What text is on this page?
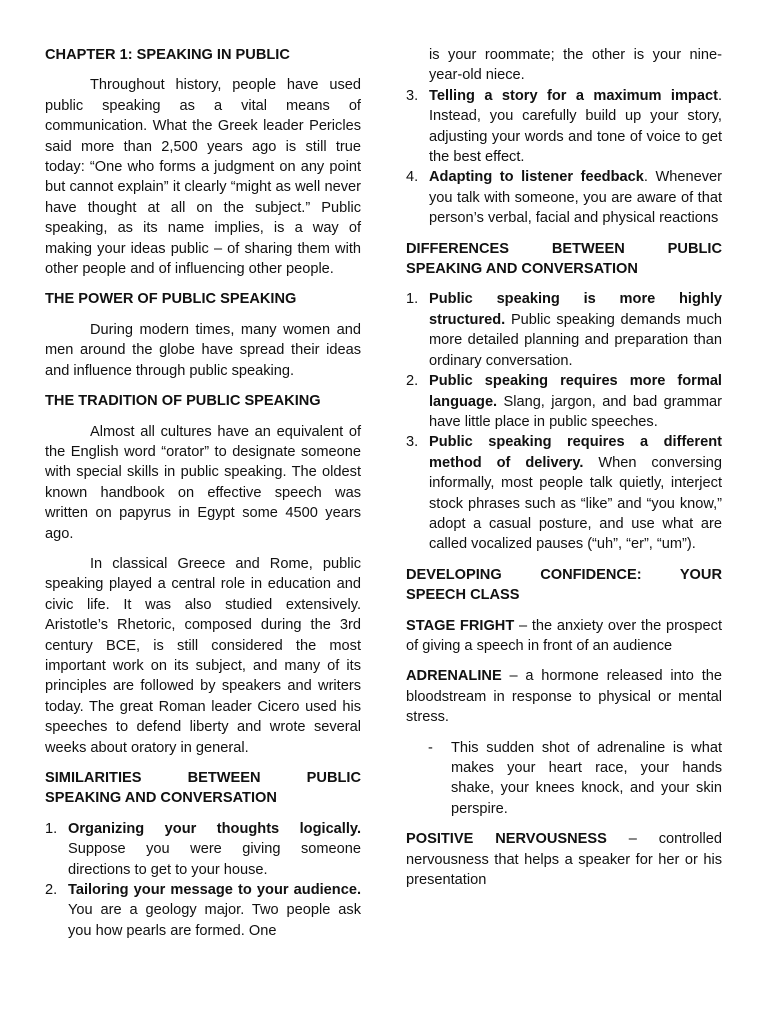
CHAPTER 1: SPEAKING IN PUBLIC

Throughout history, people have used public speaking as a vital means of communication. What the Greek leader Pericles said more than 2,500 years ago is still true today: “One who forms a judgment on any point but cannot explain” it clearly “might as well never have thought at all on the subject.” Public speaking, as its name implies, is a way of making your ideas public – of sharing them with other people and of influencing other people.

THE POWER OF PUBLIC SPEAKING

During modern times, many women and men around the globe have spread their ideas and influence through public speaking.

THE TRADITION OF PUBLIC SPEAKING

Almost all cultures have an equivalent of the English word “orator” to designate someone with special skills in public speaking. The oldest known handbook on effective speech was written on papyrus in Egypt some 4500 years ago.

In classical Greece and Rome, public speaking played a central role in education and civic life. It was also studied extensively. Aristotle’s Rhetoric, composed during the 3rd century BCE, is still considered the most important work on its subject, and many of its principles are followed by speakers and writers today. The great Roman leader Cicero used his speeches to defend liberty and wrote several weeks about oratory in general.

SIMILARITIES BETWEEN PUBLIC
SPEAKING AND CONVERSATION
1. Organizing your thoughts logically. Suppose you were giving someone directions to get to your house.
2. Tailoring your message to your audience. You are a geology major. Two people ask you how pearls are formed. One

is your roommate; the other is your nine-year-old niece.

3. Telling a story for a maximum impact. Instead, you carefully build up your story, adjusting your words and tone of voice to get the best effect.
4. Adapting to listener feedback. Whenever you talk with someone, you are aware of that person’s verbal, facial and physical reactions
DIFFERENCES BETWEEN PUBLIC
SPEAKING AND CONVERSATION
1. Public speaking is more highly structured. Public speaking demands much more detailed planning and preparation than ordinary conversation.
2. Public speaking requires more formal language. Slang, jargon, and bad grammar have little place in public speeches.
3. Public speaking requires a different method of delivery. When conversing informally, most people talk quietly, interject stock phrases such as “like” and “you know,” adopt a casual posture, and use what are called vocalized pauses (“uh”, “er”, “um”).
DEVELOPING CONFIDENCE: YOUR
SPEECH CLASS

STAGE FRIGHT – the anxiety over the prospect of giving a speech in front of an audience

ADRENALINE – a hormone released into the bloodstream in response to physical or mental stress.

- This sudden shot of adrenaline is what makes your heart race, your hands shake, your knees knock, and your skin perspire.

POSITIVE NERVOUSNESS – controlled nervousness that helps a speaker for her or his presentation
